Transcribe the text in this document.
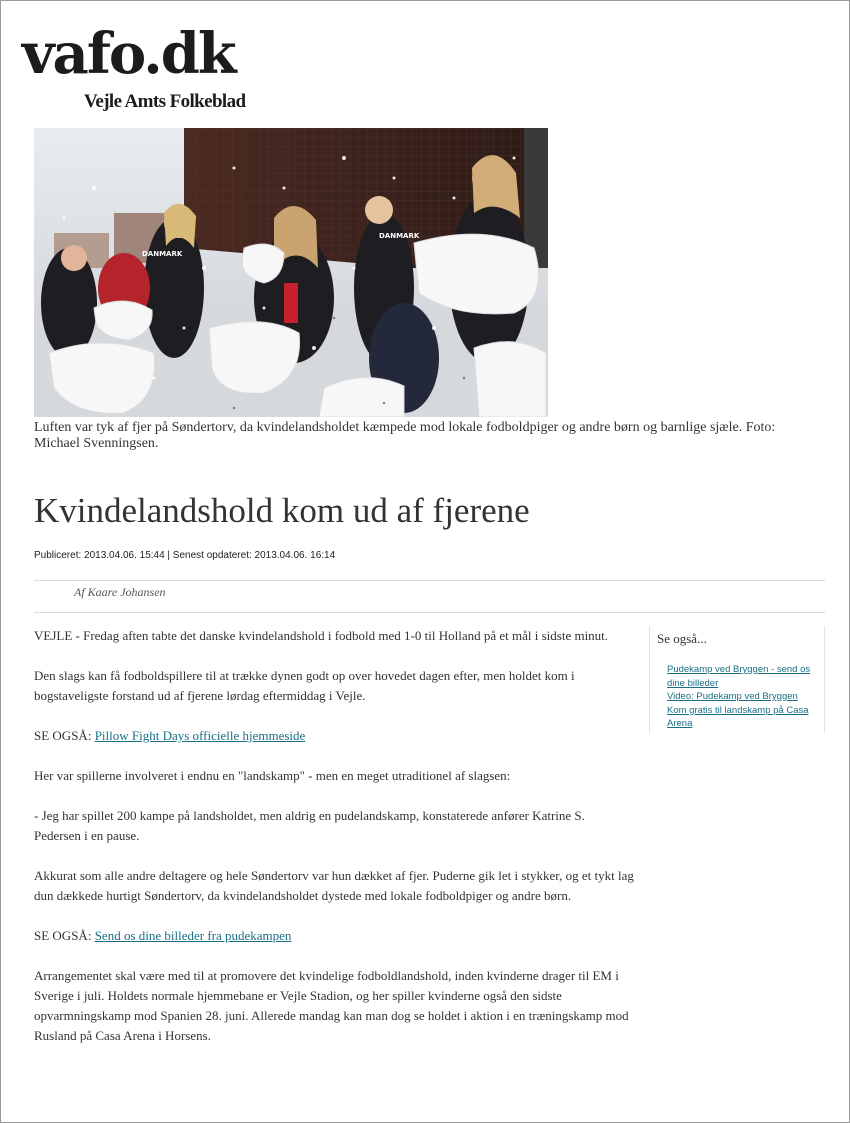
vafo.dk
Vejle Amts Folkeblad
DANMARK
DANMARK
Luften var tyk af fjer på Søndertorv, da kvindelandsholdet kæmpede mod lokale fodboldpiger og andre børn og barnlige sjæle. Foto: Michael Svenningsen.
Kvindelandshold kom ud af fjerene
Publiceret: 2013.04.06. 15:44 | Senest opdateret: 2013.04.06. 16:14
Af Kaare Johansen

VEJLE - Fredag aften tabte det danske kvindelandshold i fodbold med 1-0 til Holland på et mål i sidste minut.

Den slags kan få fodboldspillere til at trække dynen godt op over hovedet dagen efter, men holdet kom i bogstaveligste forstand ud af fjerene lørdag eftermiddag i Vejle.

SE OGSÅ: Pillow Fight Days officielle hjemmeside

Her var spillerne involveret i endnu en "landskamp" - men en meget utraditionel af slagsen:

- Jeg har spillet 200 kampe på landsholdet, men aldrig en pudelandskamp, konstaterede anfører Katrine S. Pedersen i en pause.

Akkurat som alle andre deltagere og hele Søndertorv var hun dækket af fjer. Puderne gik let i stykker, og et tykt lag dun dækkede hurtigt Søndertorv, da kvindelandsholdet dystede med lokale fodboldpiger og andre børn.

SE OGSÅ: Send os dine billeder fra pudekampen

Arrangementet skal være med til at promovere det kvindelige fodboldlandshold, inden kvinderne drager til EM i Sverige i juli. Holdets normale hjemmebane er Vejle Stadion, og her spiller kvinderne også den sidste opvarmningskamp mod Spanien 28. juni. Allerede mandag kan man dog se holdet i aktion i en træningskamp mod Rusland på Casa Arena i Horsens.

Se også...
Pudekamp ved Bryggen - send os dine billeder
Video: Pudekamp ved Bryggen
Kom gratis til landskamp på Casa Arena
